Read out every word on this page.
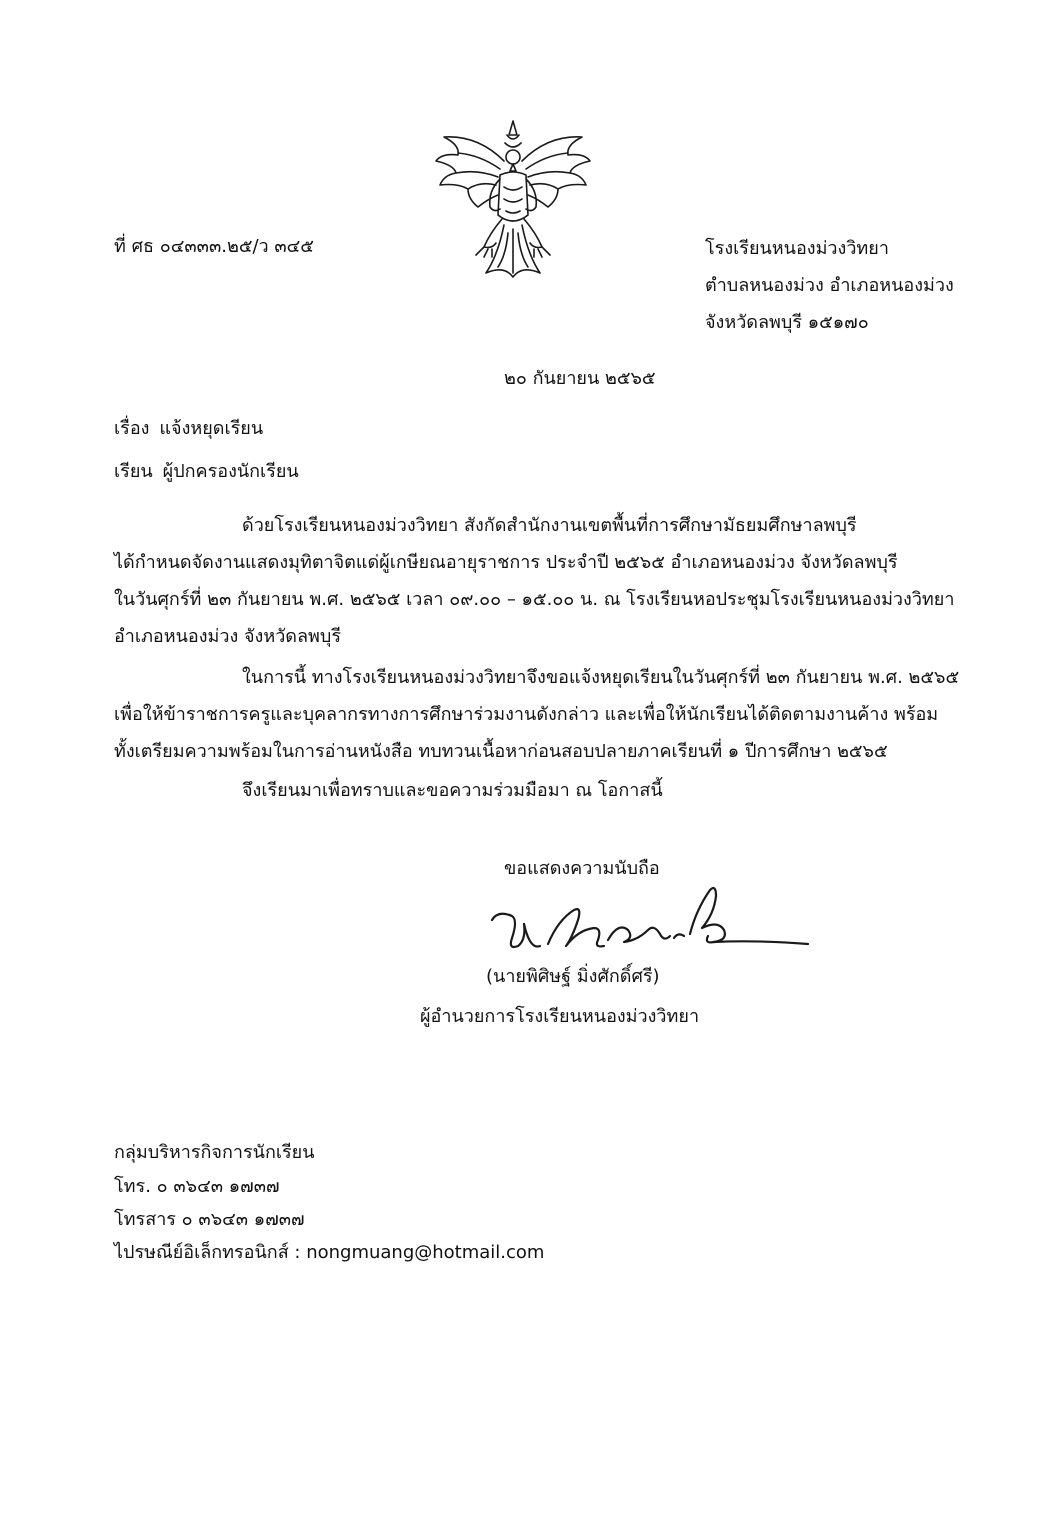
ที่ ศธ ๐๔๓๓๓.๒๕/ว ๓๔๕	โรงเรียนหนองม่วงวิทยา
ตำบลหนองม่วง อำเภอหนองม่วง
จังหวัดลพบุรี ๑๕๑๗๐
๒๐ กันยายน ๒๕๖๕
เรื่อง แจ้งหยุดเรียน
เรียน ผู้ปกครองนักเรียน
ด้วยโรงเรียนหนองม่วงวิทยา สังกัดสำนักงานเขตพื้นที่การศึกษามัธยมศึกษาลพบุรี
ได้กำหนดจัดงานแสดงมุทิตาจิตแด่ผู้เกษียณอายุราชการ ประจำปี ๒๕๖๕ อำเภอหนองม่วง จังหวัดลพบุรี
ในวันศุกร์ที่ ๒๓ กันยายน พ.ศ. ๒๕๖๕ เวลา ๐๙.๐๐ – ๑๕.๐๐ น. ณ โรงเรียนหอประชุมโรงเรียนหนองม่วงวิทยา
อำเภอหนองม่วง จังหวัดลพบุรี
ในการนี้ ทางโรงเรียนหนองม่วงวิทยาจึงขอแจ้งหยุดเรียนในวันศุกร์ที่ ๒๓ กันยายน พ.ศ. ๒๕๖๕
เพื่อให้ข้าราชการครูและบุคลากรทางการศึกษาร่วมงานดังกล่าว และเพื่อให้นักเรียนได้ติดตามงานค้าง พร้อม
ทั้งเตรียมความพร้อมในการอ่านหนังสือ ทบทวนเนื้อหาก่อนสอบปลายภาคเรียนที่ ๑ ปีการศึกษา ๒๕๖๕
จึงเรียนมาเพื่อทราบและขอความร่วมมือมา ณ โอกาสนี้
ขอแสดงความนับถือ
(นายพิศิษฐ์ มิ่งศักดิ์ศรี)
ผู้อำนวยการโรงเรียนหนองม่วงวิทยา
กลุ่มบริหารกิจการนักเรียน
โทร. ๐ ๓๖๔๓ ๑๗๓๗
โทรสาร ๐ ๓๖๔๓ ๑๗๓๗
ไปรษณีย์อิเล็กทรอนิกส์ : nongmuang@hotmail.com
